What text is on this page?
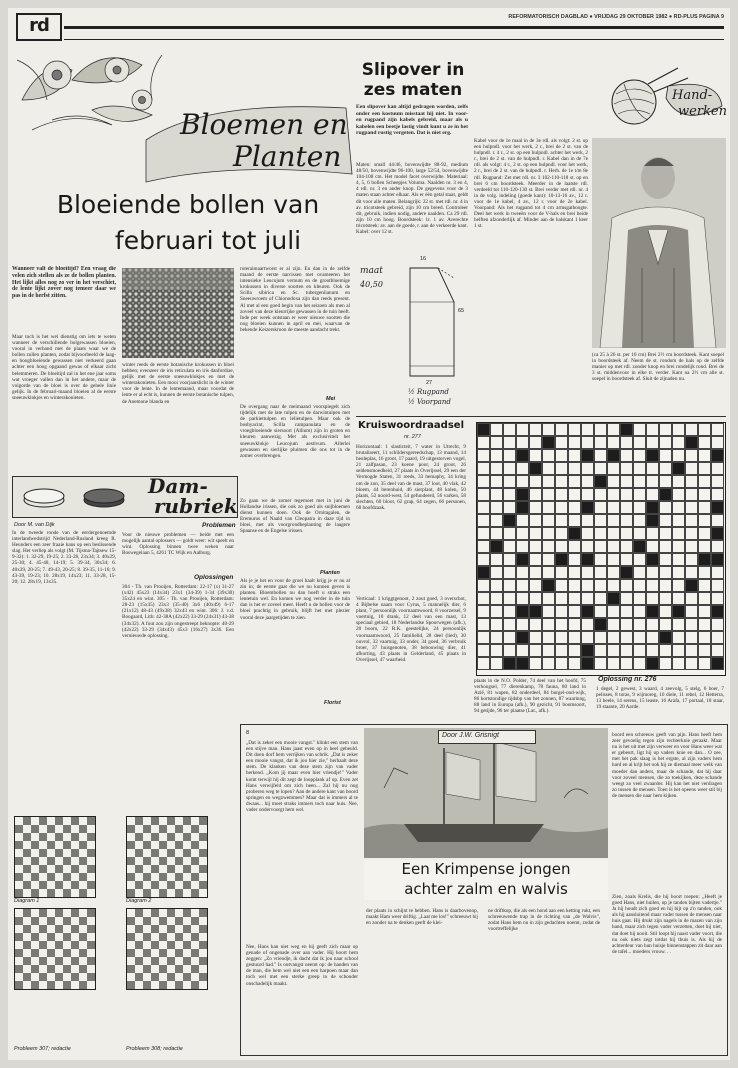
rd	REFORMATORISCH DAGBLAD ● VRIJDAG 29 OKTOBER 1982 ● RD-PLUS PAGINA 9
Bloemen en
Planten
Bloeiende bollen van
februari tot juli
Wanneer valt de bloeitijd? Een vraag die velen zich stellen als ze de bollen planten. Het lijkt alles nog zo ver in het verschiet, de lente lijkt zover nog temeer daar we pas in de herfst zitten.
Maar toch is het wel dienstig om iets te weten wanneer de verschillende bolgewassen bloeien, vooral in verband met de plaats waar we de bollen zullen planten, zodat bijvoorbeeld de laag- en hoogbloeiende gewassen niet verkeerd gaan achter een hoog opgaand gewas of elkaar zicht belemmeren. De bloeitijd zal in het ene jaar soms wat vroeger vallen dan in het andere, maar de volgorde van de bloei is over de gehele linie gelijk. In de februari-maand bloeien al de eerste sneeuwklokjes en winterakonieten.
winter reeds de eerste botanische krokussen in bloei hebben; evenzeer de iris reticulata en iris danfordiae, gelijk met de eerste sneeuwklokjes en met de winterakonieten. Een mooi voorjaarslicht in de winter voor de lente. In de lentemaand, maar voordat de lente er al echt is, kunnen de eerste botanische tulpen, de Anemone blanda en
roteraimaartworst er al zijn. En dan in de zelfde maand de eerste narcissen met ovameeren het intensieke Leucojum vernum en de grootbloemige krokussen in diverse soorten en kleuren. Ook de Scilla sibirica en Sc. tubergeniianum en Sneeuwroem of Chionodoxa zijn dan reeds present. Al met al een goed begin van het seizoen als men al zoveel van deze kleurrijke gewassen in de tuin heeft. Inde per week ontstaan er weer nieuwe soorten die nog bloeien kunnen in april en mei, waarvan de bekende Keizerskroon de meeste aandacht trekt.
Mei
De overgang naar de meimaand voorspiegelt zich tijdelijk met de late tulpen en de darwintulpen met de parkiettulpen en lelietulpen. Maar ook de bosbyacint, Scilla campanulata en de vroegbloeiende siersoort (Allium) zijn in groten en kleuren aanwezig. Met als exclusiviteit het sneeuwklokje Leucojum aestivum. Allerlei gewassen en sierlijke pluimen die ons tot in de zomer overbrengen.
Zo gaan we de zomer tegemoet met in juni de Hollandse irissen, die ook zo goed als snijbloemen dienst kunnen doen. Ook de Ornitagalen, de Eremurus of Naald van Cleopatra in daze tijd in bloei, met als voorgrondbeplanting de laagere Spaanse en de Engelse irissen.
Planten
Als je je het en voor de groei haalt krijg je er nu al zin in; de eerste gaat die we nu kunnen geven is planten. Bloembollen nu dan hoeft u straks een lentetuin wel. En komen we nog verder in de tuin dan is het er zoveel meer. Heeft u de bollen voor de bloei prachtig in gebruik, blijft het met plezier vooral deze jaargetijden te zien.
Florist
Dam-
rubriek
Door M. van Dijk
In de tweede ronde van de eerdergenoemde interlandwedstrijd Nederland-Rusland kreeg R. Heunders een zeer fraaie kans op een beslissende slag. Het verliep als volgt (M. Tijsma-Tajtsew 15-9-32): 1. 32-29, 19-25; 2. 33-28, 23x34; 3. 40x29, 25-30; 4. 45-40, 14-19; 5. 39-34, 30x34; 6. 40x39, 20-25; 7. 49-43, 20-25; 8. 39-35, 11-16; 9. 43-39, 19-23; 10. 28x19, 14x23; 11. 33-28, 15-20; 12. 28x19, 13x35.
Problemen
Voor de nieuwe problemen — beide met een mogelijk aantal oplossers — goldt weer: wit speelt en wint. Oplossing binnen twee weken naar Boswegelaan 5, 4261 TC Wijk en Aalburg.
Oplossingen
304 - Th. van Prooijen, Rotterdam: 22-17 (x) 31-27 (x42) 45x23 (14x34) 23x1 (34-39) 1-34 (39x30) 35x24 en wint. 305 - Th. van Prooijen, Rotterdam: 28-23 (15x35) 23x3 (35-40) 3x6 (40x49) 6-17 (21x12) 48-43 (49x38) 32x43 en wint. 306: J. v.d. Boogaard, Lith: 42-38A (42x22) 33-29 (24x31) 43-38 (34x32). A fout zou zijn ongestreept beknopte: 40-29 (42x22) 33-29 (34x43) 45x3 (16x27) 3x36. Een vernieuwde oplossing.
Diagram 1	Diagram 2
Probleem 307; redactie	Probleem 308; redactie
Slipover in
zes maten	Hand-
werken
Een slipover kan altijd gedragen worden, zelfs onder een kostuum misstaat hij niet. In voor- en rugpand zijn kabels gebreid, maar als u kabelen een beetje lastig vindt kunt u ze in het rugpand rustig vergeten. Dat is niet erg.
Maten: small 44/46, bovenwijdte 88-92, medium 48/50, bovenwijdte 96-100, large 52/54, bovenwijdte 104-108 cm. Het model facet overwijdte. Materiaal: 4, 5, 6 bollen Scheepjes Voluma. Naalden nr. 3 en 4, 4 rdl. nr. 3 en ander knop. De gegevens voor de 3 maten staan achter elkaar. Als er één getal staat, geldt dit voor alle maten. Belangrijk: 22 st. met rdl. nr. 4 in av. tricotsteek gebreid, zijn 10 cm breed. Controleer dit, gebruik, indien nodig, andere naalden. Ca 29 rdl. zijn 10 cm hoog. Boordsteek: 1r. 1 av. Averechte tricotsteek: av. aan de goede, r. aan de verkeerde kant. Kabel: over 12 st.
Kabel voor de 1e maal in de 3e rdl. als volgt: 2 st. op een hulpndl. voor het werk, 2 r., brei de 2 st. van de hulpndl. r. 4 r., 2 st. op een hulpndl. achter het werk, 2 r., brei de 2 st. van de hulpndl. r. Kabel dan in de 7e rdl. als volgt: 4 r., 2 st. op een hulpndl. voor het werk, 2 r., brei de 2 st. van de hulpndl. r. Herh. de 1e t/m 8e rdl. Rugpand: Zet met rdl. nr. 3 102-110-118 st. op en brei 6 cm boordsteek. Meerder in de laatste rdl. verdeeld tot 110-120-130 st. Brei verder met rdl. nr. 4 in de volg. indeling (goede kant): 10-13-16 av., 12 r. voor de 1e kabel, 4 av., 12 r. voor de 2e kabel. Voorpand: Als het rugpand tot 4 cm armsgathoogte. Deel het werk in tweeën voor de V-hals en brei beide helften afzonderlijk af. Minder aan de halskant 1 keer 1 st.
maat
40,50
16
65
27
½ Rugpand
½ Voorpand
(ca 25 à 26 st. per 10 cm) Brei 2½ cm boordsteek. Kant soepel in boordsteek af. Neem de st. rondom de hals op de zelfde manier op met rdl. zonder knop en brei rondelijk rond. Brei de 3 st. middenvoor in elke tr. verder. Kant na 2½ cm alle st. soepel in boordsteek af. Sluit de zijnaden nu.
Kruiswoordraadsel
nr. 277
Horizontaal: 1 slasticteit, 7 water in Utrecht, 9 brutaliseert, 11 schildersgereedschap, 13 maand, 14 heuleplas, 16 groot, 17 paard, 19 uitgestorven vogel, 21 zalfpasan, 23 koene poor, 24 groot, 26 seldensmoedheid, 27 plaats in Overijssel, 29 een der Vermogde Staten, 31 reeds, 33 hemaphy, 34 kring om de zon, 35 deel van de mast, 37 loot, 40 vlak, 42 bloem, 44 berenhuid, 46 sierplant, 48 kolen, 50 plaats, 52 noord-west, 54 gefundeerd, 56 varken, 58 slechten, 60 bloot, 62 grap, 64 zegen, 66 personen, 68 hoofdzaak.
Verticaal: 1 kriggtgenoot, 2 zout goed, 3 overschot, 4 Bijbelse naam voor Cyrus, 5 mannelijk dier, 6 plant, 7 persoonlijk voornaamwoord, 8 voorzetsel, 9 voertuig, 10 drank, 12 deel van een mast, 13 speciaal gebied, 18 Nederlandse Spoorwegen (afk.), 20 boom, 22 R.K. geestelijke, 24 persoonlijk voornaamwoord, 25 familielid, 28 deel (lied), 30 ouvrol, 32 vaartuig, 33 onder, 34 goed, 36 verbruik broer, 37 huisgenoten, 38 bebouwing dier, 41 afkorting, 43 plaats in Gelderland, 45 plaats in Overijssel, 47 waarheid.
plaats in de N.O. Polder, 74 deel van het hoofd, 75 verhoogsel, 77 dierenkamp, 78 fauna, 80 land in Azië, 81 wapen, 82 onderdeel, 84 burgel-ond-wijk, 86 kortstondige tijdsbp van het zonnen, 87 waarinng, 88 land in Europa (afk.), 90 gezicht, 91 boomsoort, 94 getijde, 96 ter plaatse (Lat., afk.).
Oplossing nr. 276
1 degel, 2 gewest, 3 waard, 4 zeevolg, 5 stelg, 6 boer, 7 pelisses, 8 toras, 9 wijmoreg, 10 diele, 11 rebel, 12 Hetterra, 13 beele, 14 sereus, 15 leaste, 16 Arafa, 17 portaal, 18 staar, 19 staante, 20 Aarde.
8
„Dat is zeker een mooie vangst." klinkt een stem van een stijve man. Hans jaast even op in heel gebeuld. Dit doen dorf hem verrijken van schrik. „Dat is zeker een mooie vangst, dat ik jou hier zie," herhaalt deze stem. De klanken van deze stem zijn van vader herkend. „Kom jij maar even hier vriendje!" Vader komt terwijl hij dit zegt de loopplank af op. Even zet Hans verwijfeld om zich heen... Zal hij nu nog proberen weg te lopen? Aan de andere kant van boord springen en wegzwemmen? Maar dat is immers al te dwaas... hij moet straks immers toch naar huis. Nee, vader ondervoorgt hem wel.
Nee, Hans kan niet weg en hij geeft zich maar op genade of ongenade over aan vader. Hij hoort hem zeggen: „Zo vriendje, ik dacht dat ik jou naar school gestuurd had." Is outvangst neemt op: de handen van de man, die hem wel niet een een harpoen maar dan toch wel met een sterke greep in de schouder onschadelijk maakt.
Door J.W. Grisnigt
Een Krimpense jongen
achter zalm en walvis
der plaats in schijnt te hebben. Hans is daarbovenop, maakt Ham weer driftig. „Laat me los!" schreeuwt hij en zonder na te denken geeft de klei-
ne driftkop, die als een hond aan een ketting rukt, een schreeuwende trap in de richting van „de Walvis", zodat Hans hem nu in zijn gedachten noemt, zodat de voortreffelijke
boord een schreeuw geeft van pijn. Hans heeft hem zeer gevoelig tegen zijn rechterknie geraakt. Maar nu is het uit met zijn verweer en voor Hans weer wat er gebeurt, ligt hij op vaders knie en dan... O zee, met het pak slaag is het ergste, al zijn vaders hem hard en al krijt het ook hij ze diemaal meer welk van moeder dan anders, maar de schande, dat hij daar voor zoveel mensen, die zo toekijken, deze schande weegt zo veel zwaarder. Hij kan het niet verdragen zo tussen de mensen. Toen is het opeens weer stil bij de mensen die naar hem kijken.
Zien, zoals Krelis, die hij hoort roepen: „Heeft je goed Hans, niet huilen, op je tanden bijten vadertje." Ja hij houdt zich goed en hij bijt op z'n tanden, ook als hij aansluitend maar vader tussen de mensen naar huis gaat. Hij drukt zijn nagels in de mazen van zijn hand, maar zich tegen vader verzetten, doet hij niet, dat doet hij nooit. Stil loopt hij naast vader voort, die nu ook niets zegt totdat hij thuis is. Als hij de achterdeur van hun huisje binnenstappen zit daar aan de tafel... moeders vrouw. . .
